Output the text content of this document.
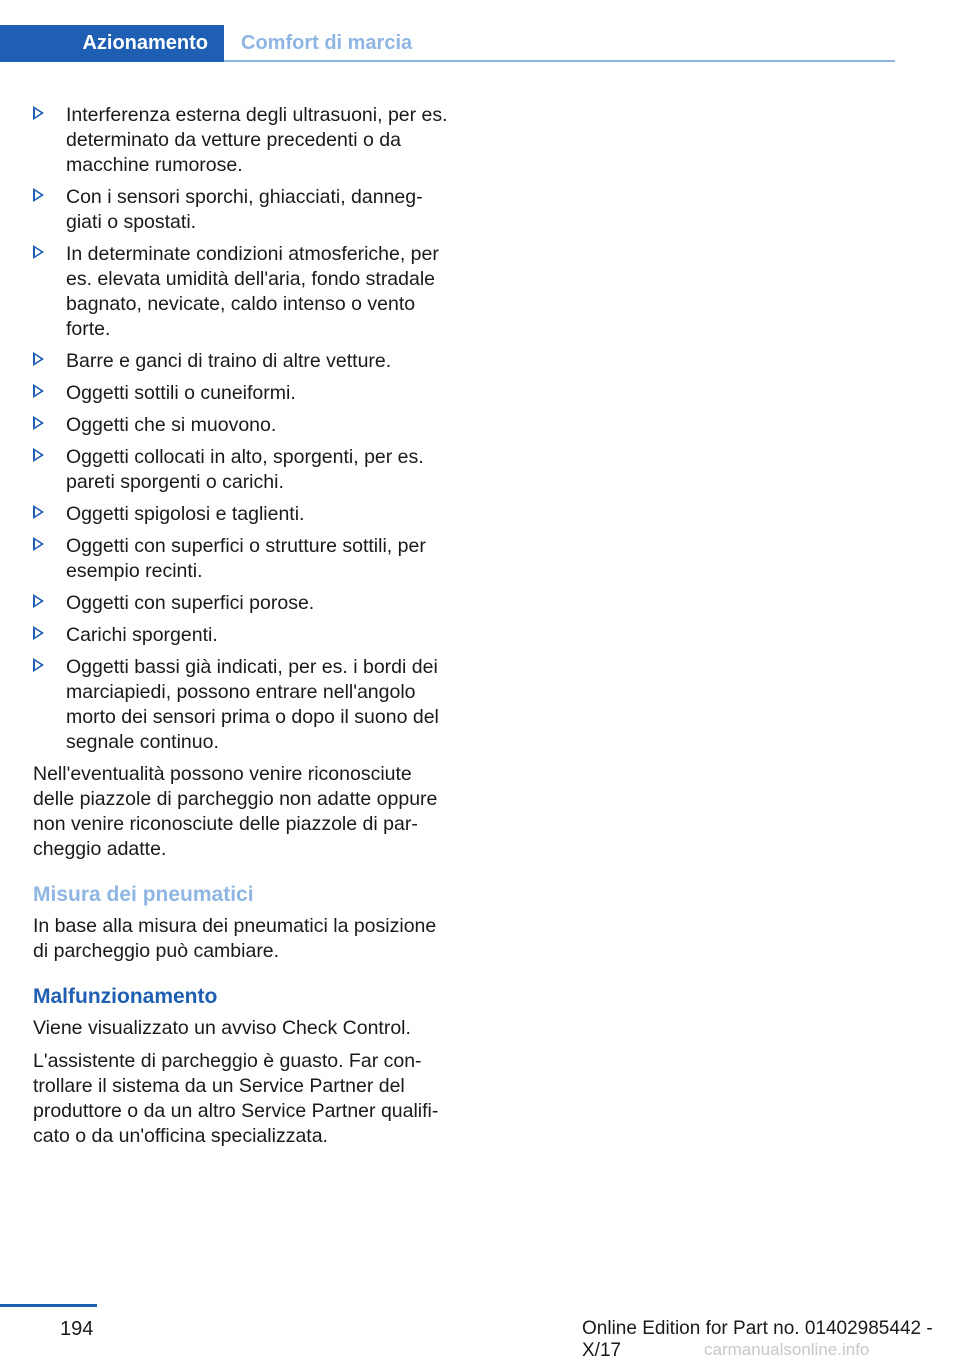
Azionamento Comfort di marcia
Interferenza esterna degli ultrasuoni, per es. determinato da vetture precedenti o da macchine rumorose.
Con i sensori sporchi, ghiacciati, danneggiati o spostati.
In determinate condizioni atmosferiche, per es. elevata umidità dell'aria, fondo stradale bagnato, nevicate, caldo intenso o vento forte.
Barre e ganci di traino di altre vetture.
Oggetti sottili o cuneiformi.
Oggetti che si muovono.
Oggetti collocati in alto, sporgenti, per es. pareti sporgenti o carichi.
Oggetti spigolosi e taglienti.
Oggetti con superfici o strutture sottili, per esempio recinti.
Oggetti con superfici porose.
Carichi sporgenti.
Oggetti bassi già indicati, per es. i bordi dei marciapiedi, possono entrare nell'angolo morto dei sensori prima o dopo il suono del segnale continuo.

Nell'eventualità possono venire riconosciute delle piazzole di parcheggio non adatte oppure non venire riconosciute delle piazzole di parcheggio adatte.

Misura dei pneumatici

In base alla misura dei pneumatici la posizione di parcheggio può cambiare.

Malfunzionamento

Viene visualizzato un avviso Check Control.

L'assistente di parcheggio è guasto. Far controllare il sistema da un Service Partner del produttore o da un altro Service Partner qualificato o da un'officina specializzata.

194	Online Edition for Part no. 01402985442 - X/17	carmanualsonline.info
